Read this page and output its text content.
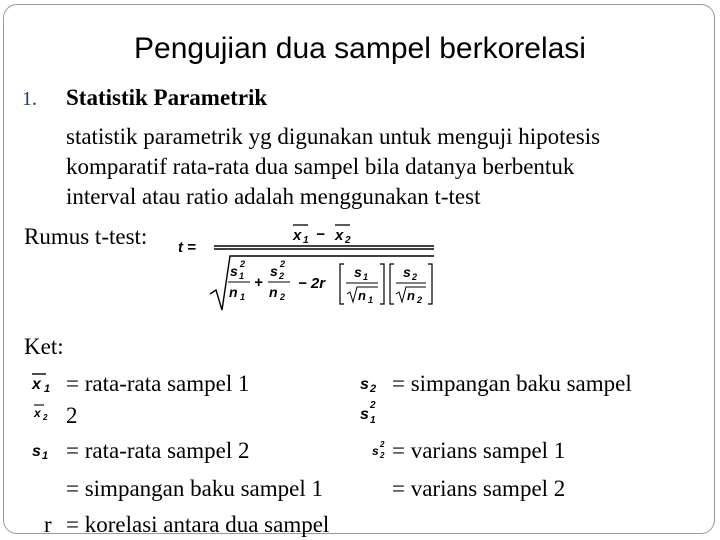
Pengujian dua sampel berkorelasi
1. Statistik Parametrik
statistik parametrik yg digunakan untuk menguji hipotesis
komparatif rata-rata dua sampel bila datanya berbentuk
interval atau ratio adalah menggunakan t-test
Rumus t-test: t =
x 1 − x 2
s 2
1
n 1
+
s 2
2
n 2
− 2r
s 1
n 1
s 2
n 2
Ket:
x 1
x 2
s 1
= rata-rata sampel 1
2
= rata-rata sampel 2
= simpangan baku sampel 1
r = korelasi antara dua sampel
s 2
s
2
1
s 2
2
= simpangan baku sampel
= varians sampel 1
= varians sampel 2
